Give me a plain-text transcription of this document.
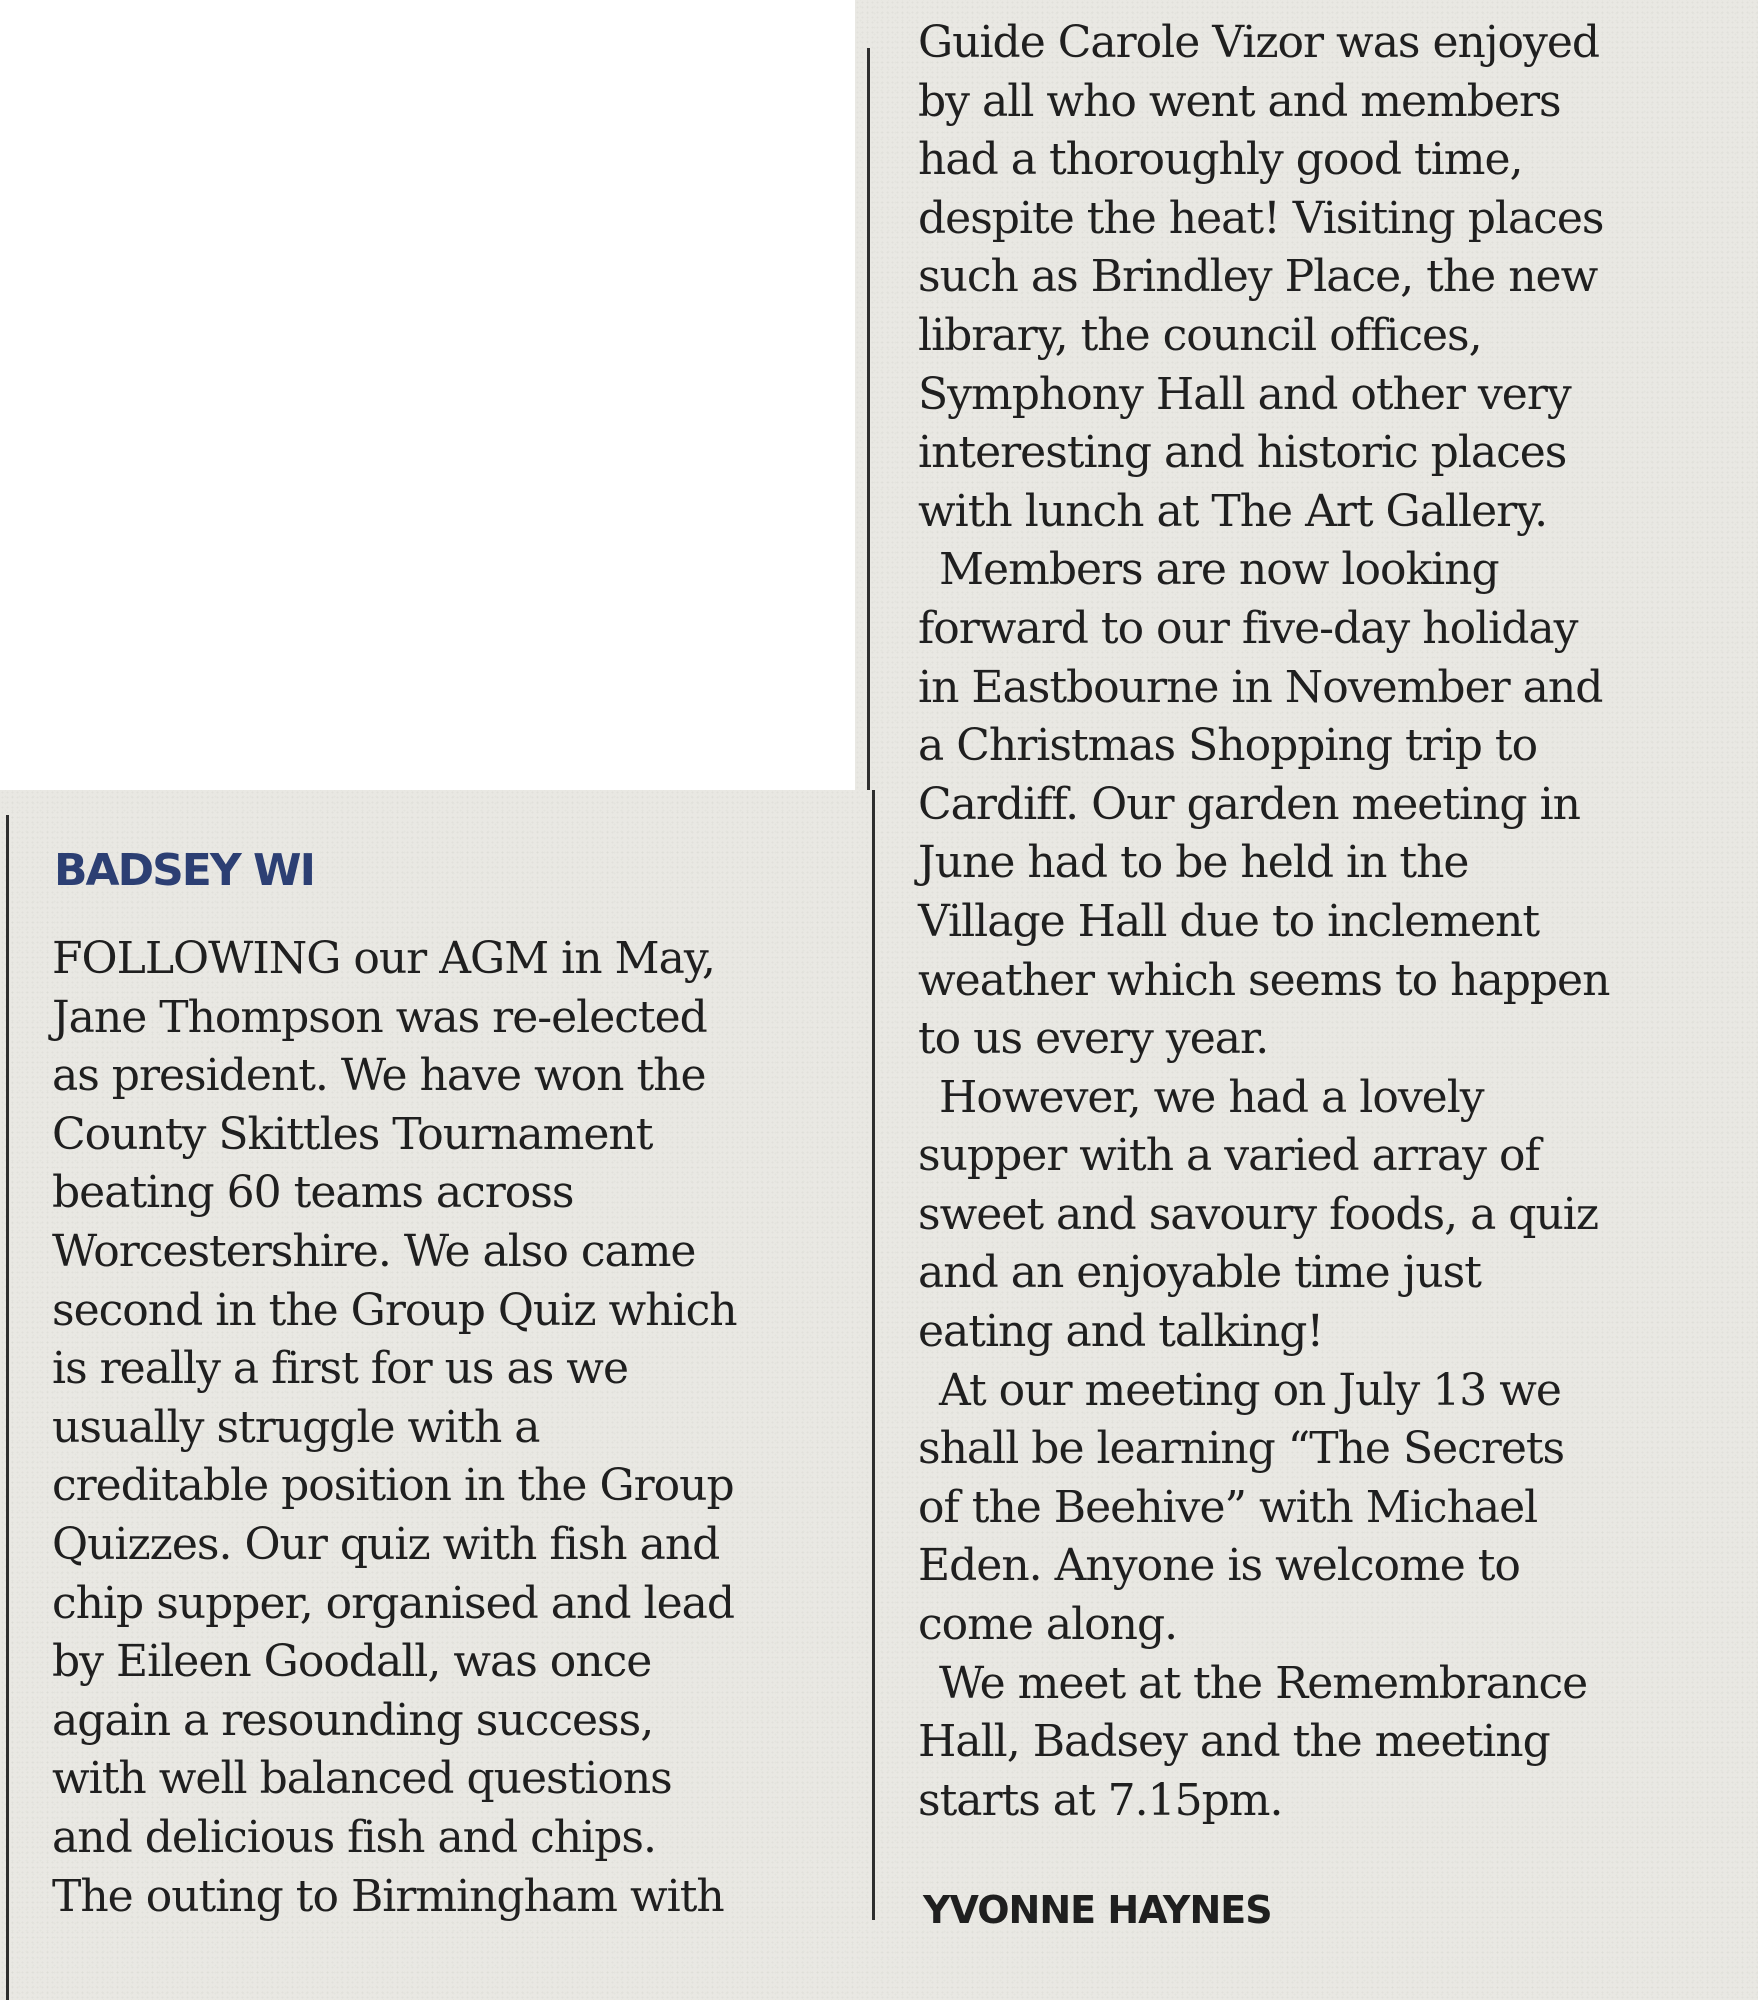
BADSEY WI
FOLLOWING our AGM in May,
Jane Thompson was re-elected
as president. We have won the
County Skittles Tournament
beating 60 teams across
Worcestershire. We also came
second in the Group Quiz which
is really a first for us as we
usually struggle with a
creditable position in the Group
Quizzes. Our quiz with fish and
chip supper, organised and lead
by Eileen Goodall, was once
again a resounding success,
with well balanced questions
and delicious fish and chips.
The outing to Birmingham with
Guide Carole Vizor was enjoyed
by all who went and members
had a thoroughly good time,
despite the heat! Visiting places
such as Brindley Place, the new
library, the council offices,
Symphony Hall and other very
interesting and historic places
with lunch at The Art Gallery.
 Members are now looking
forward to our five-day holiday
in Eastbourne in November and
a Christmas Shopping trip to
Cardiff. Our garden meeting in
June had to be held in the
Village Hall due to inclement
weather which seems to happen
to us every year.
 However, we had a lovely
supper with a varied array of
sweet and savoury foods, a quiz
and an enjoyable time just
eating and talking!
 At our meeting on July 13 we
shall be learning “The Secrets
of the Beehive” with Michael
Eden. Anyone is welcome to
come along.
 We meet at the Remembrance
Hall, Badsey and the meeting
starts at 7.15pm.
YVONNE HAYNES
